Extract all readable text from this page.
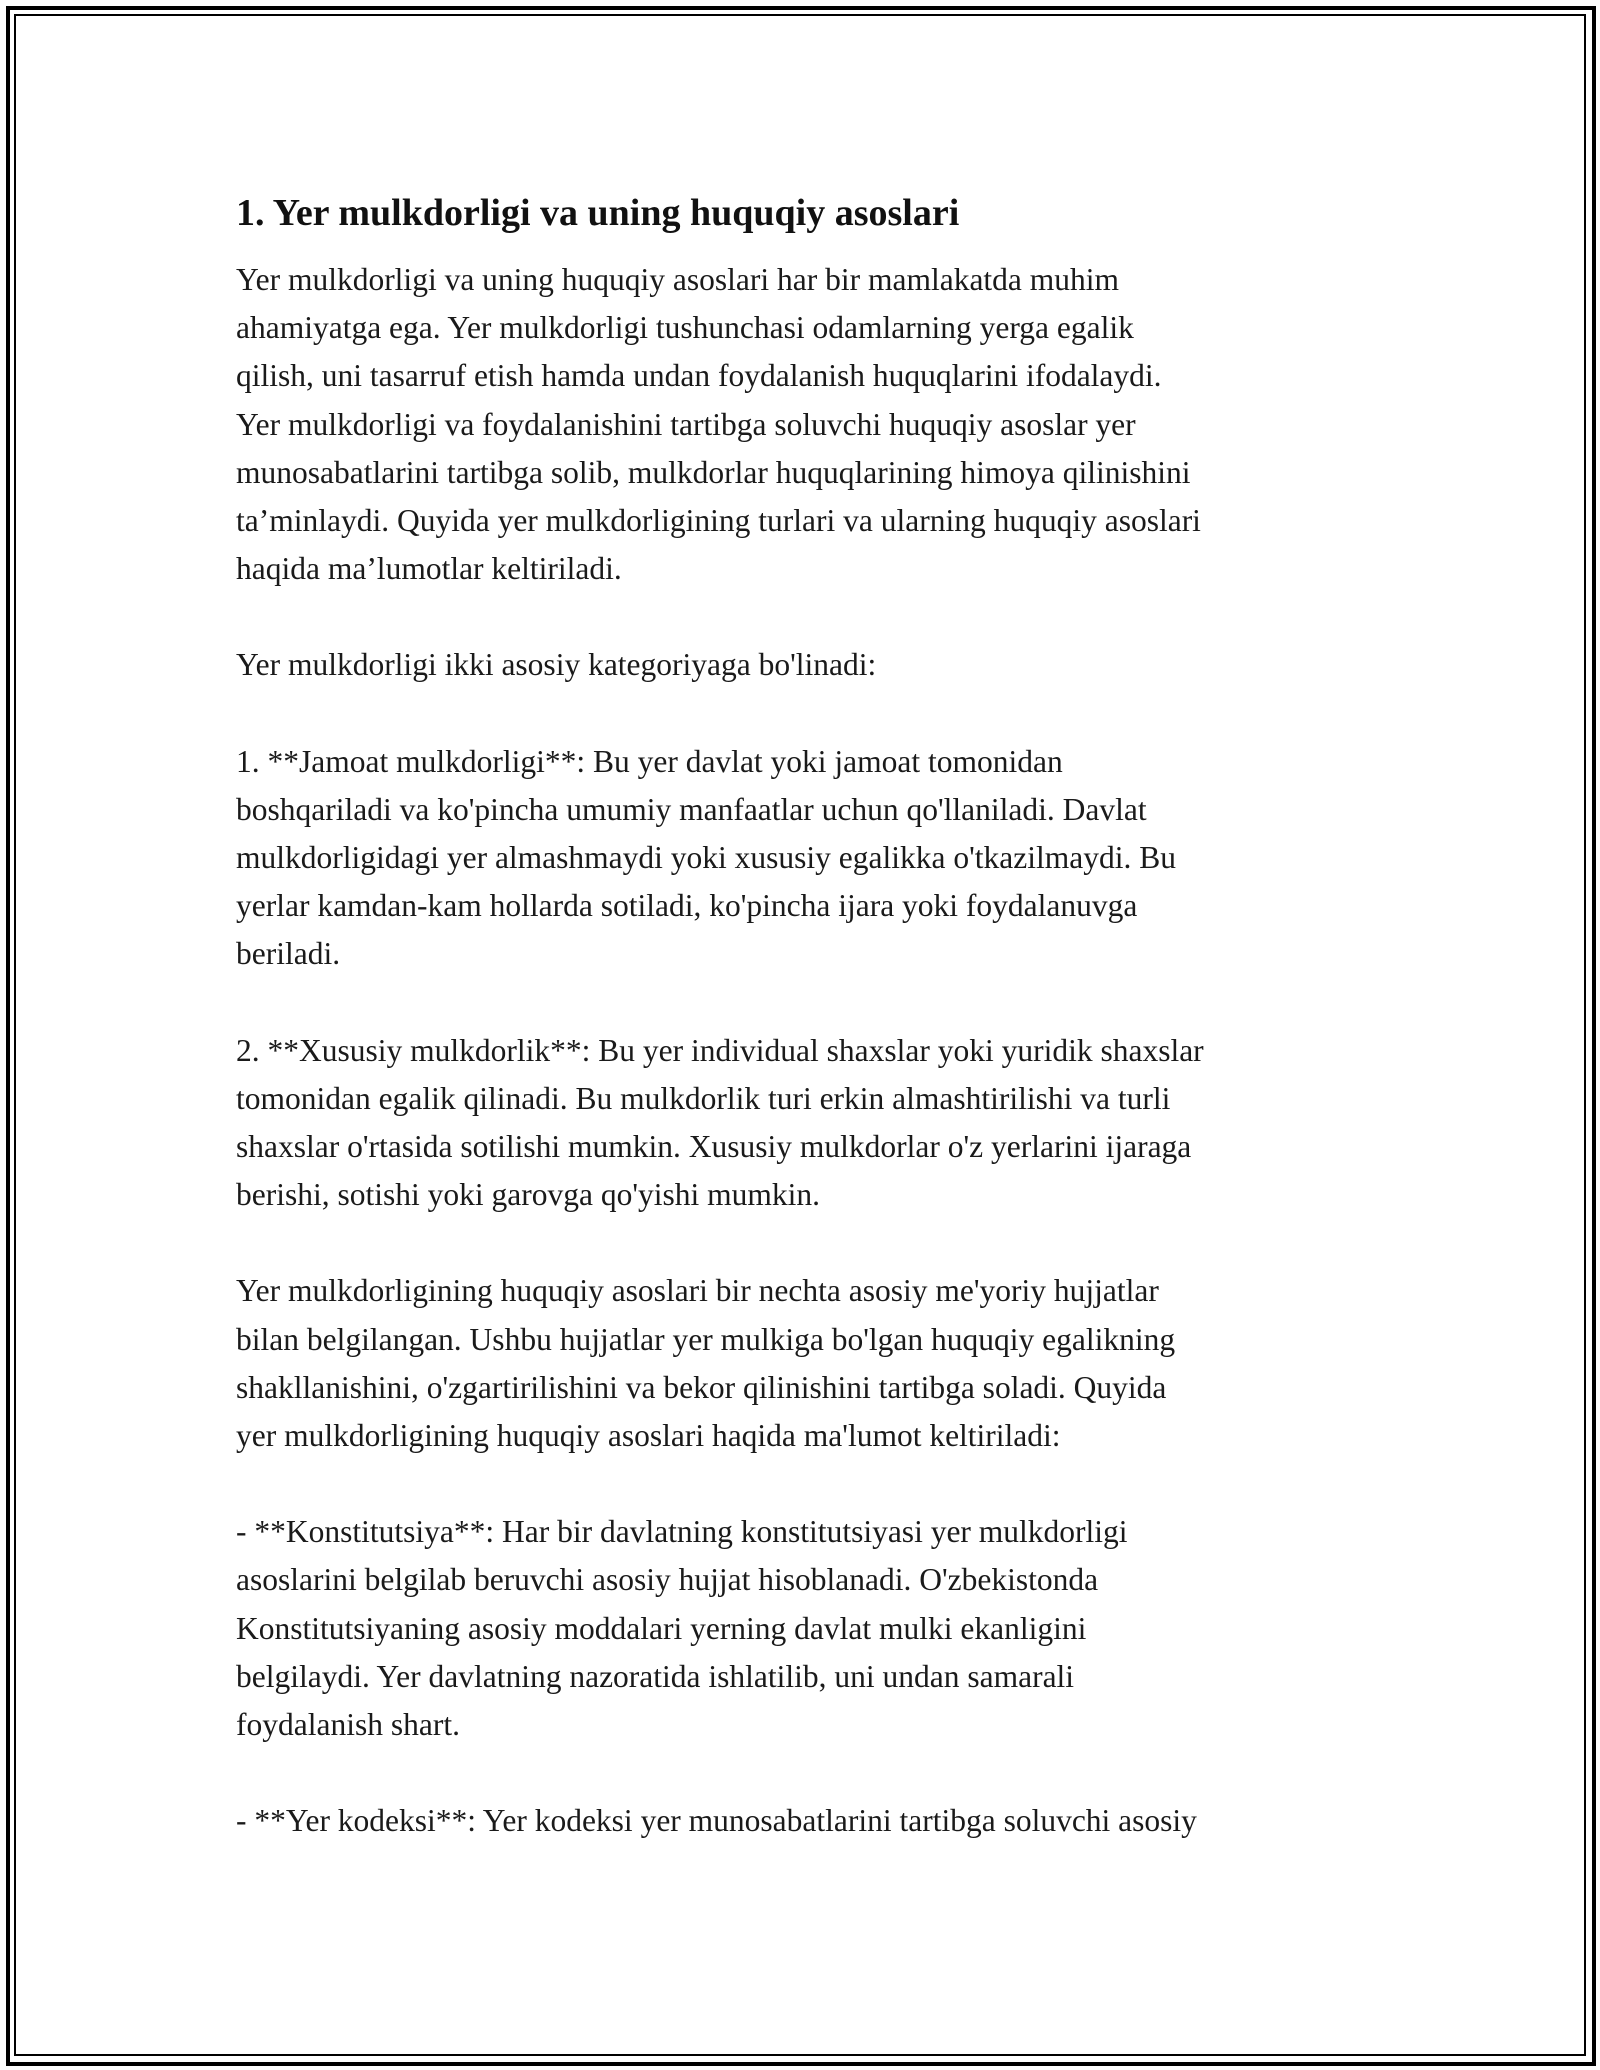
1. Yer mulkdorligi va uning huquqiy asoslari
Yer mulkdorligi va uning huquqiy asoslari har bir mamlakatda muhim
ahamiyatga ega. Yer mulkdorligi tushunchasi odamlarning yerga egalik
qilish, uni tasarruf etish hamda undan foydalanish huquqlarini ifodalaydi.
Yer mulkdorligi va foydalanishini tartibga soluvchi huquqiy asoslar yer
munosabatlarini tartibga solib, mulkdorlar huquqlarining himoya qilinishini
ta’minlaydi. Quyida yer mulkdorligining turlari va ularning huquqiy asoslari
haqida ma’lumotlar keltiriladi.
Yer mulkdorligi ikki asosiy kategoriyaga bo'linadi:
1. **Jamoat mulkdorligi**: Bu yer davlat yoki jamoat tomonidan
boshqariladi va ko'pincha umumiy manfaatlar uchun qo'llaniladi. Davlat
mulkdorligidagi yer almashmaydi yoki xususiy egalikka o'tkazilmaydi. Bu
yerlar kamdan-kam hollarda sotiladi, ko'pincha ijara yoki foydalanuvga
beriladi.
2. **Xususiy mulkdorlik**: Bu yer individual shaxslar yoki yuridik shaxslar
tomonidan egalik qilinadi. Bu mulkdorlik turi erkin almashtirilishi va turli
shaxslar o'rtasida sotilishi mumkin. Xususiy mulkdorlar o'z yerlarini ijaraga
berishi, sotishi yoki garovga qo'yishi mumkin.
Yer mulkdorligining huquqiy asoslari bir nechta asosiy me'yoriy hujjatlar
bilan belgilangan. Ushbu hujjatlar yer mulkiga bo'lgan huquqiy egalikning
shakllanishini, o'zgartirilishini va bekor qilinishini tartibga soladi. Quyida
yer mulkdorligining huquqiy asoslari haqida ma'lumot keltiriladi:
- **Konstitutsiya**: Har bir davlatning konstitutsiyasi yer mulkdorligi
asoslarini belgilab beruvchi asosiy hujjat hisoblanadi. O'zbekistonda
Konstitutsiyaning asosiy moddalari yerning davlat mulki ekanligini
belgilaydi. Yer davlatning nazoratida ishlatilib, uni undan samarali
foydalanish shart.
- **Yer kodeksi**: Yer kodeksi yer munosabatlarini tartibga soluvchi asosiy
